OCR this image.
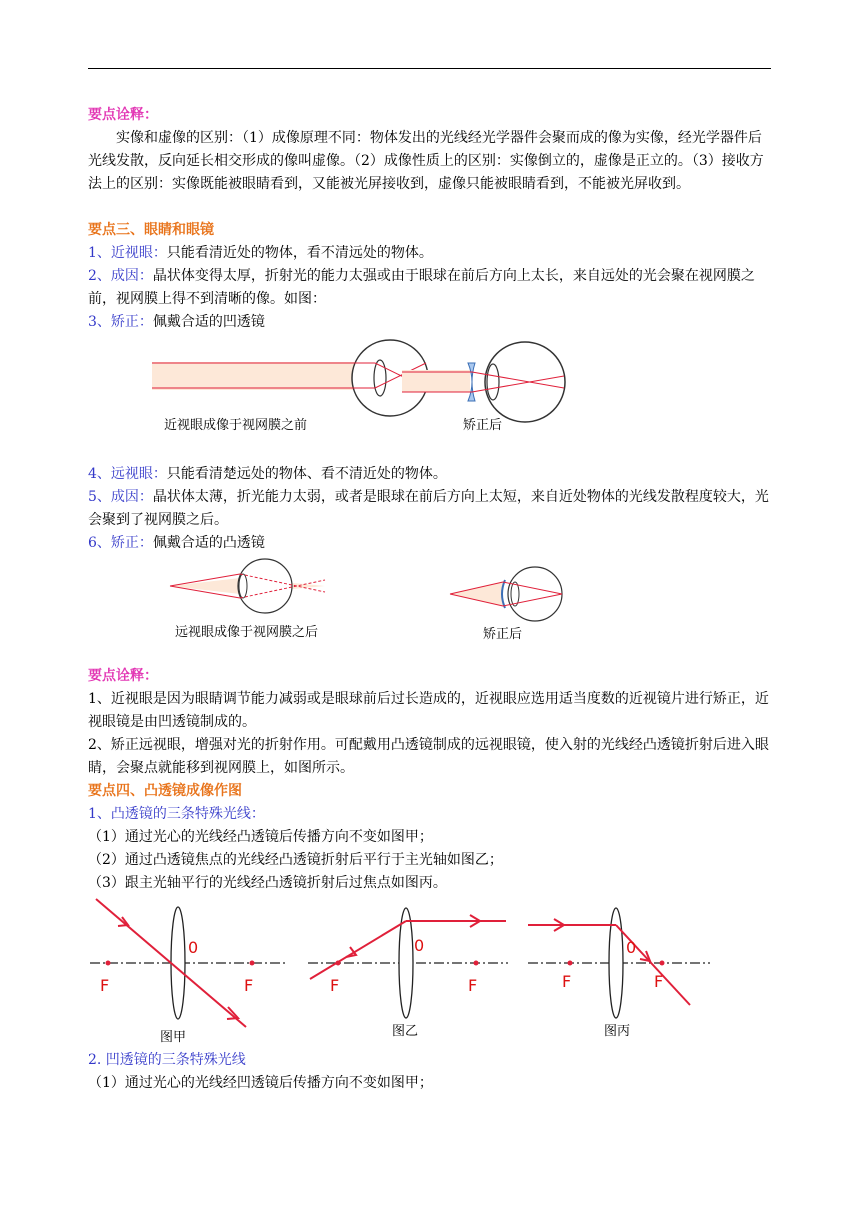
要点诠释：

实像和虚像的区别：（1）成像原理不同：物体发出的光线经光学器件会聚而成的像为实像，经光学器件后光线发散，反向延长相交形成的像叫虚像。（2）成像性质上的区别：实像倒立的，虚像是正立的。（3）接收方法上的区别：实像既能被眼睛看到，又能被光屏接收到，虚像只能被眼睛看到，不能被光屏收到。

要点三、眼睛和眼镜

1、近视眼：只能看清近处的物体，看不清远处的物体。

2、成因：晶状体变得太厚，折射光的能力太强或由于眼球在前后方向上太长，来自远处的光会聚在视网膜之前，视网膜上得不到清晰的像。如图：

3、矫正：佩戴合适的凹透镜

近视眼成像于视网膜之前	矫正后

4、远视眼：只能看清楚远处的物体、看不清近处的物体。

5、成因：晶状体太薄，折光能力太弱，或者是眼球在前后方向上太短，来自近处物体的光线发散程度较大，光会聚到了视网膜之后。

6、矫正：佩戴合适的凸透镜

远视眼成像于视网膜之后	矫正后

要点诠释：

1、近视眼是因为眼睛调节能力减弱或是眼球前后过长造成的，近视眼应选用适当度数的近视镜片进行矫正，近视眼镜是由凹透镜制成的。

2、矫正远视眼，增强对光的折射作用。可配戴用凸透镜制成的远视眼镜，使入射的光线经凸透镜折射后进入眼睛，会聚点就能移到视网膜上，如图所示。

要点四、凸透镜成像作图

1、凸透镜的三条特殊光线：

（1）通过光心的光线经凸透镜后传播方向不变如图甲；

（2）通过凸透镜焦点的光线经凸透镜折射后平行于主光轴如图乙；

（3）跟主光轴平行的光线经凸透镜折射后过焦点如图丙。

0
F	F
图甲
0
F	F
图乙
0
F	F
图丙

2. 凹透镜的三条特殊光线

（1）通过光心的光线经凹透镜后传播方向不变如图甲；
